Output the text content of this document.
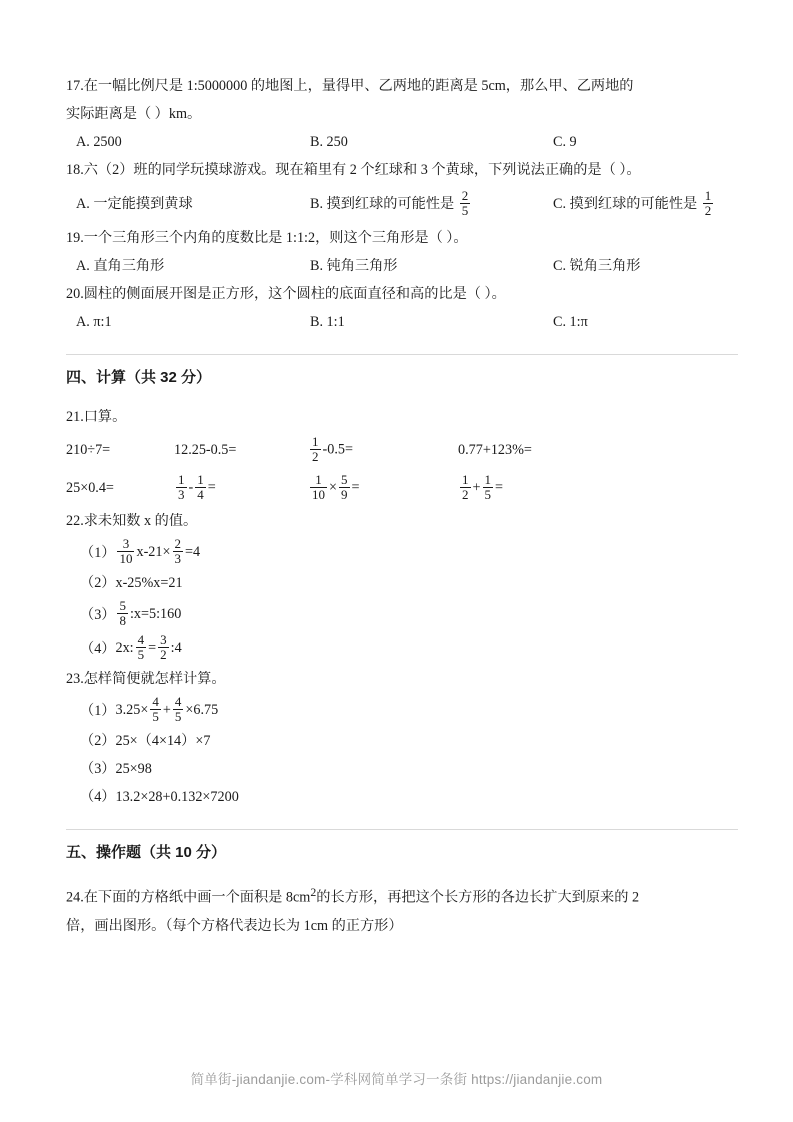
17.在一幅比例尺是 1:5000000 的地图上，量得甲、乙两地的距离是 5cm，那么甲、乙两地的
实际距离是（ ）km。
A. 2500	B. 250	C. 9
18.六（2）班的同学玩摸球游戏。现在箱里有 2 个红球和 3 个黄球，下列说法正确的是（ ）。
A. 一定能摸到黄球	B. 摸到红球的可能性是 $\frac{2}{5}$	C. 摸到红球的可能性是 $\frac{1}{2}$
19.一个三角形三个内角的度数比是 1:1:2，则这个三角形是（ ）。
A. 直角三角形	B. 钝角三角形	C. 锐角三角形
20.圆柱的侧面展开图是正方形，这个圆柱的底面直径和高的比是（ ）。
A. π:1	B. 1:1	C. 1:π
四、计算（共 32 分）
21.口算。
210÷7=	12.25-0.5=	$\frac{1}{2} -0.5=$	0.77+123%=
25×0.4=	$\frac{1}{3} - \frac{1}{4}$ =	$\frac{1}{10} \times \frac{5}{9}$ =	$\frac{1}{2} + \frac{1}{5}$ =
22.求未知数 x 的值。
$(1) \frac{3}{10} x-21\times \frac{2}{3} =4$
（2）x-25%x=21
$(3) \frac{5}{8}$ :x=5:160
（4） 2x: $\frac{4}{5} = \frac{3}{2}$ :4
23.怎样简便就怎样计算。
（1） $3.25\times \frac{4}{5} + \frac{4}{5} \times 6.75$
（2）25×（4×14）×7
（3）25×98
（4）13.2×28+0.132×7200
五、操作题（共 10 分）
24.在下面的方格纸中画一个面积是 $8cm^2$的长方形，再把这个长方形的各边长扩大到原来的 2
倍，画出图形。（每个方格代表边长为 1cm 的正方形）
简单街-jiandanjie.com-学科网简单学习一条街 https://jiandanjie.com
